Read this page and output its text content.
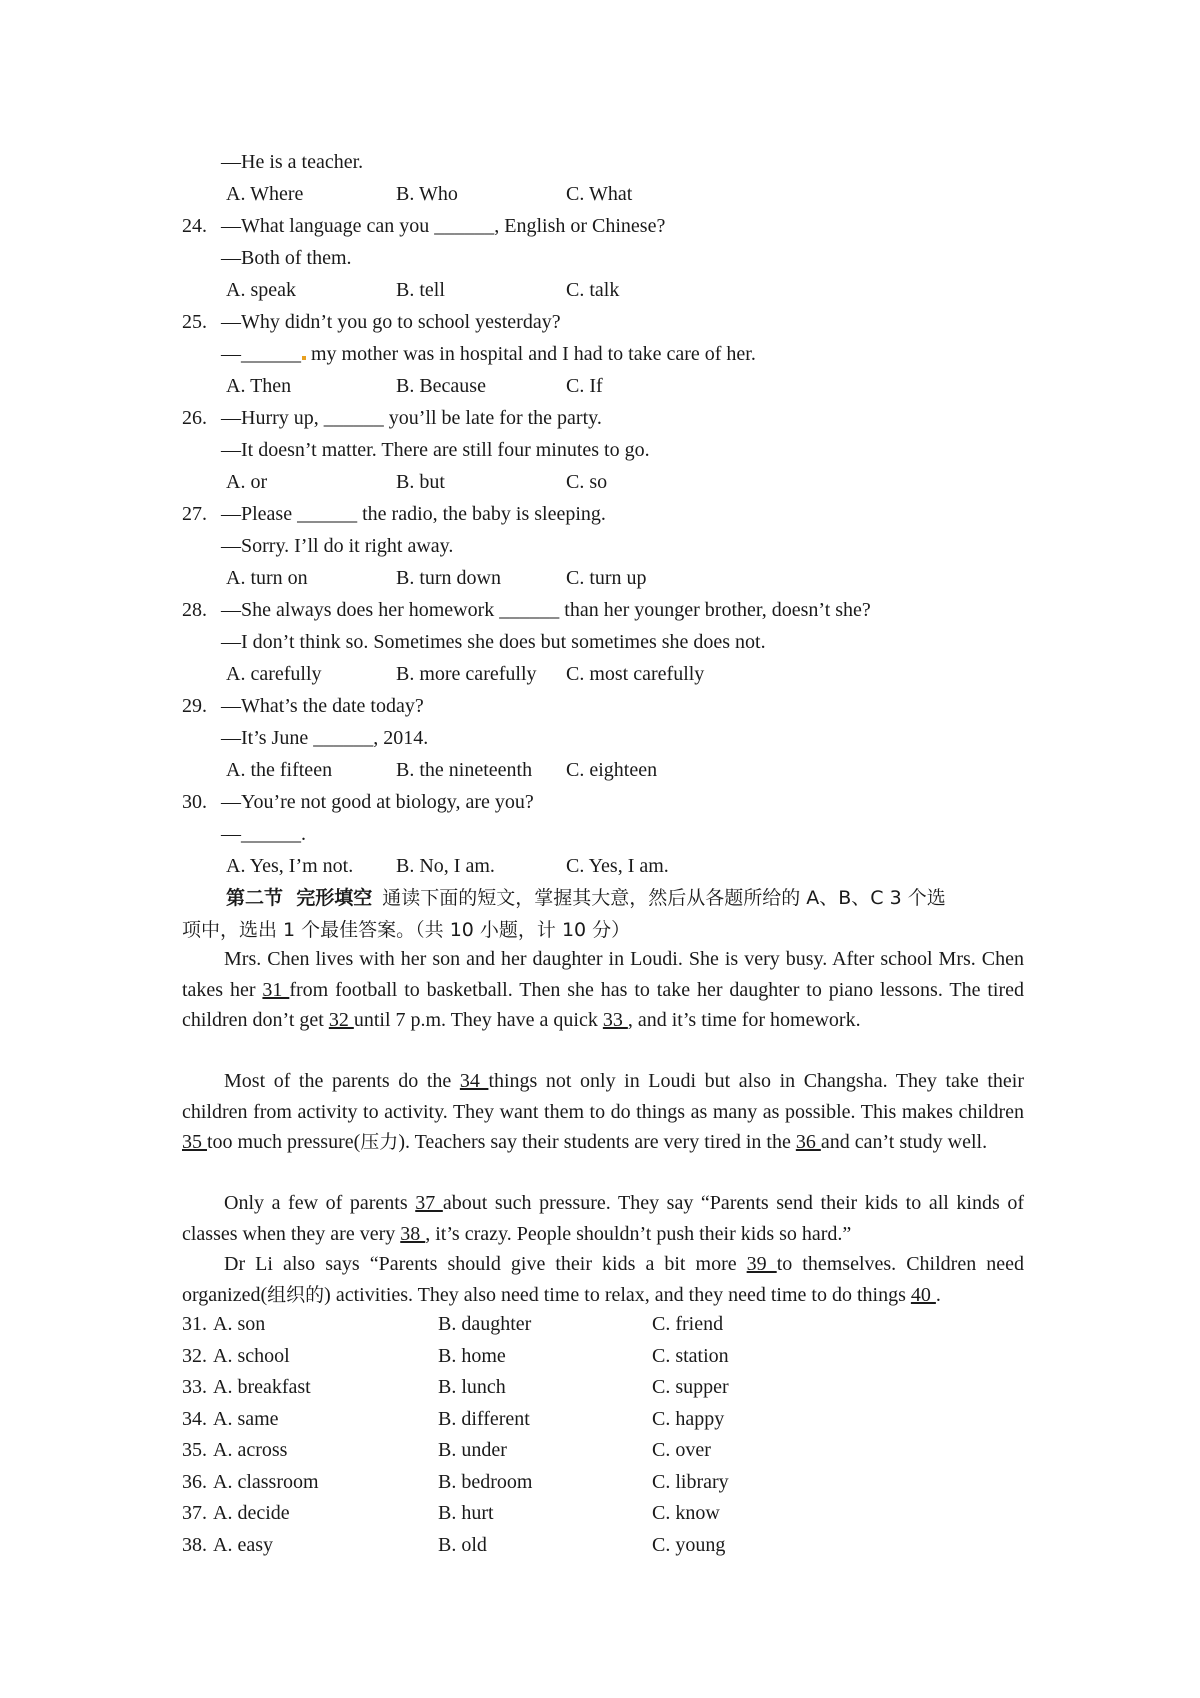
—He is a teacher.
A. Where	B. Who	C. What
24. —What language can you ______, English or Chinese?
—Both of them.
A. speak	B. tell	C. talk
25. —Why didn’t you go to school yesterday?
—______ my mother was in hospital and I had to take care of her.
A. Then	B. Because	C. If
26. —Hurry up, ______ you’ll be late for the party.
—It doesn’t matter. There are still four minutes to go.
A. or	B. but	C. so
27. —Please ______ the radio, the baby is sleeping.
—Sorry. I’ll do it right away.
A. turn on	B. turn down	C. turn up
28. —She always does her homework ______ than her younger brother, doesn’t she?
—I don’t think so. Sometimes she does but sometimes she does not.
A. carefully	B. more carefully C. most carefully
29. —What’s the date today?
—It’s June ______, 2014.
A. the fifteen	B. the nineteenth C. eighteen
30. —You’re not good at biology, are you?
—______.
A. Yes, I’m not. B. No, I am.	C. Yes, I am.
第二节  完形填空 通读下面的短文，掌握其大意，然后从各题所给的 A、B、C 3 个选
项中，选出 1 个最佳答案。（共 10 小题，计 10 分）
Mrs. Chen lives with her son and her daughter in Loudi. She is very busy. After school Mrs. Chen takes her 31 from football to basketball. Then she has to take her daughter to piano lessons. The tired children don’t get 32 until 7 p.m. They have a quick 33 , and it’s time for homework.
Most of the parents do the 34 things not only in Loudi but also in Changsha. They take their children from activity to activity. They want them to do things as many as possible. This makes children 35 too much pressure(压力). Teachers say their students are very tired in the 36 and can’t study well.
Only a few of parents 37 about such pressure. They say “Parents send their kids to all kinds of classes when they are very 38 , it’s crazy. People shouldn’t push their kids so hard.”
Dr Li also says “Parents should give their kids a bit more 39 to themselves. Children need organized(组织的) activities. They also need time to relax, and they need time to do things 40 .
31. A. son	B. daughter	C. friend
32. A. school	B. home	C. station
33. A. breakfast	B. lunch	C. supper
34. A. same	B. different	C. happy
35. A. across	B. under	C. over
36. A. classroom	B. bedroom	C. library
37. A. decide	B. hurt	C. know
38. A. easy	B. old	C. young
